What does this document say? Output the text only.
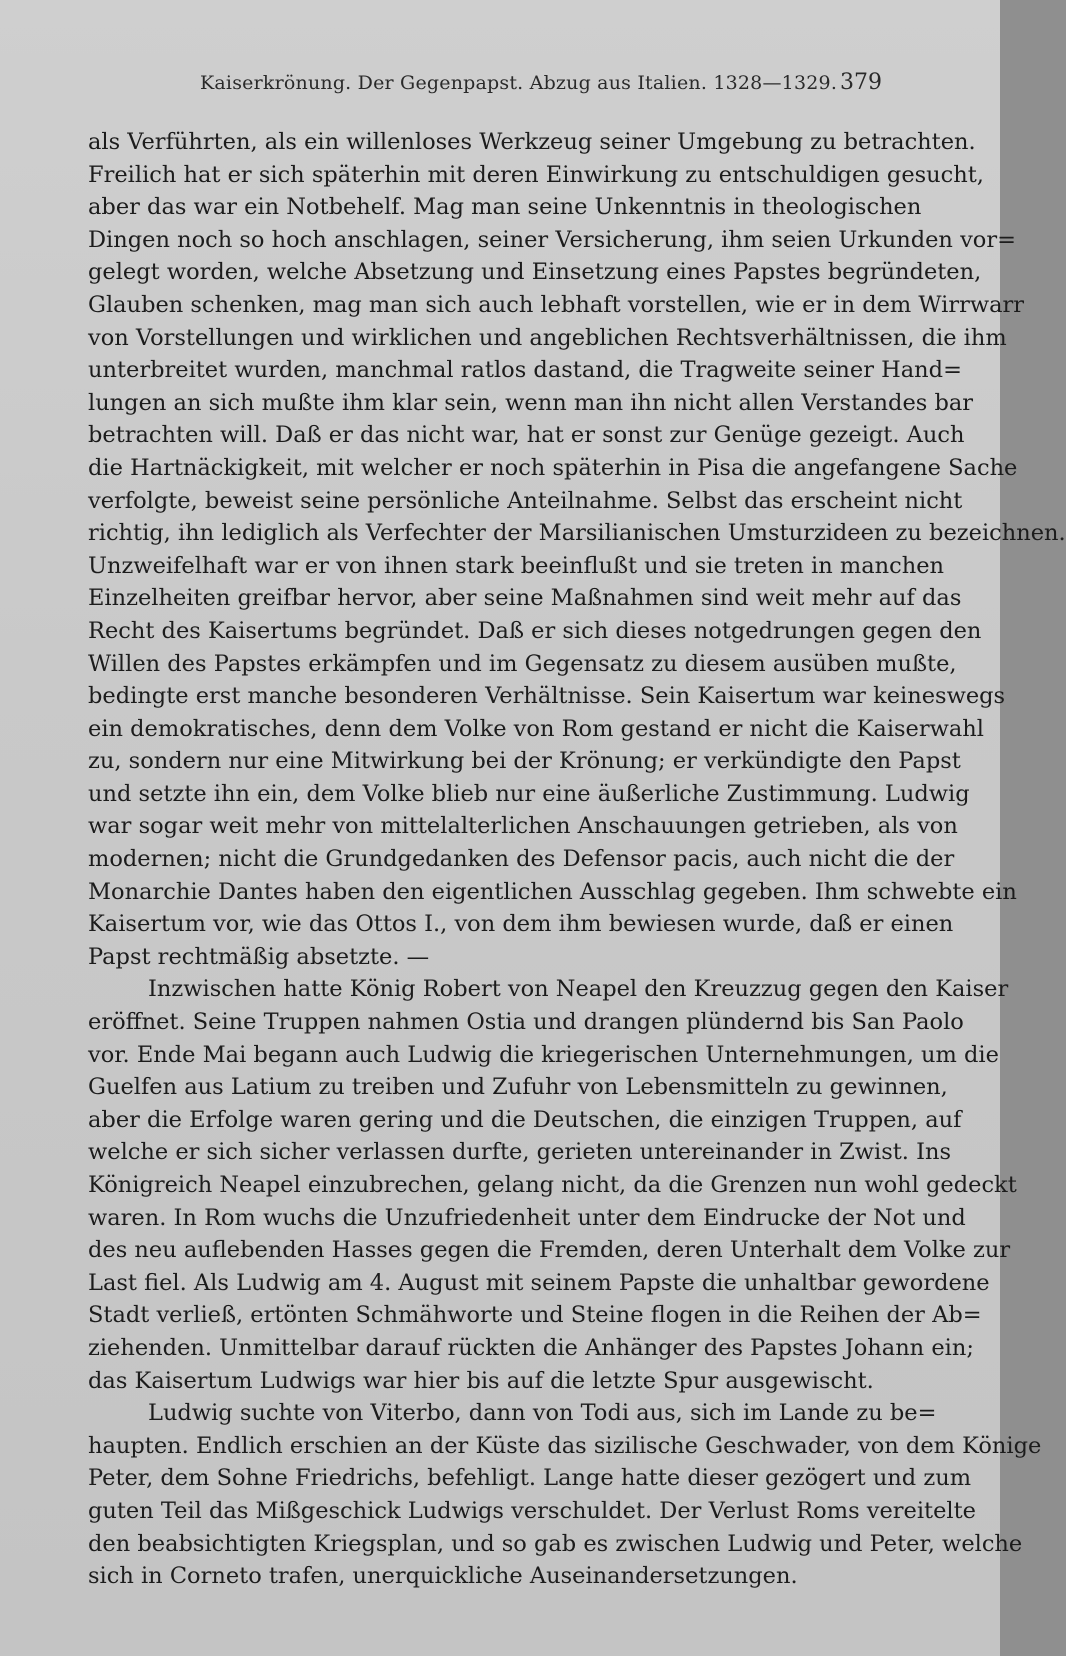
Kaiserkrönung. Der Gegenpapst. Abzug aus Italien. 1328—1329. 379
als Verführten, als ein willenloses Werkzeug seiner Umgebung zu betrachten.
Freilich hat er sich späterhin mit deren Einwirkung zu entschuldigen gesucht,
aber das war ein Notbehelf. Mag man seine Unkenntnis in theologischen
Dingen noch so hoch anschlagen, seiner Versicherung, ihm seien Urkunden vor=
gelegt worden, welche Absetzung und Einsetzung eines Papstes begründeten,
Glauben schenken, mag man sich auch lebhaft vorstellen, wie er in dem Wirrwarr
von Vorstellungen und wirklichen und angeblichen Rechtsverhältnissen, die ihm
unterbreitet wurden, manchmal ratlos dastand, die Tragweite seiner Hand=
lungen an sich mußte ihm klar sein, wenn man ihn nicht allen Verstandes bar
betrachten will. Daß er das nicht war, hat er sonst zur Genüge gezeigt. Auch
die Hartnäckigkeit, mit welcher er noch späterhin in Pisa die angefangene Sache
verfolgte, beweist seine persönliche Anteilnahme. Selbst das erscheint nicht
richtig, ihn lediglich als Verfechter der Marsilianischen Umsturzideen zu bezeichnen.
Unzweifelhaft war er von ihnen stark beeinflußt und sie treten in manchen
Einzelheiten greifbar hervor, aber seine Maßnahmen sind weit mehr auf das
Recht des Kaisertums begründet. Daß er sich dieses notgedrungen gegen den
Willen des Papstes erkämpfen und im Gegensatz zu diesem ausüben mußte,
bedingte erst manche besonderen Verhältnisse. Sein Kaisertum war keineswegs
ein demokratisches, denn dem Volke von Rom gestand er nicht die Kaiserwahl
zu, sondern nur eine Mitwirkung bei der Krönung; er verkündigte den Papst
und setzte ihn ein, dem Volke blieb nur eine äußerliche Zustimmung. Ludwig
war sogar weit mehr von mittelalterlichen Anschauungen getrieben, als von
modernen; nicht die Grundgedanken des Defensor pacis, auch nicht die der
Monarchie Dantes haben den eigentlichen Ausschlag gegeben. Ihm schwebte ein
Kaisertum vor, wie das Ottos I., von dem ihm bewiesen wurde, daß er einen
Papst rechtmäßig absetzte. —
Inzwischen hatte König Robert von Neapel den Kreuzzug gegen den Kaiser
eröffnet. Seine Truppen nahmen Ostia und drangen plündernd bis San Paolo
vor. Ende Mai begann auch Ludwig die kriegerischen Unternehmungen, um die
Guelfen aus Latium zu treiben und Zufuhr von Lebensmitteln zu gewinnen,
aber die Erfolge waren gering und die Deutschen, die einzigen Truppen, auf
welche er sich sicher verlassen durfte, gerieten untereinander in Zwist. Ins
Königreich Neapel einzubrechen, gelang nicht, da die Grenzen nun wohl gedeckt
waren. In Rom wuchs die Unzufriedenheit unter dem Eindrucke der Not und
des neu auflebenden Hasses gegen die Fremden, deren Unterhalt dem Volke zur
Last fiel. Als Ludwig am 4. August mit seinem Papste die unhaltbar gewordene
Stadt verließ, ertönten Schmähworte und Steine flogen in die Reihen der Ab=
ziehenden. Unmittelbar darauf rückten die Anhänger des Papstes Johann ein;
das Kaisertum Ludwigs war hier bis auf die letzte Spur ausgewischt.
Ludwig suchte von Viterbo, dann von Todi aus, sich im Lande zu be=
haupten. Endlich erschien an der Küste das sizilische Geschwader, von dem Könige
Peter, dem Sohne Friedrichs, befehligt. Lange hatte dieser gezögert und zum
guten Teil das Mißgeschick Ludwigs verschuldet. Der Verlust Roms vereitelte
den beabsichtigten Kriegsplan, und so gab es zwischen Ludwig und Peter, welche
sich in Corneto trafen, unerquickliche Auseinandersetzungen.
